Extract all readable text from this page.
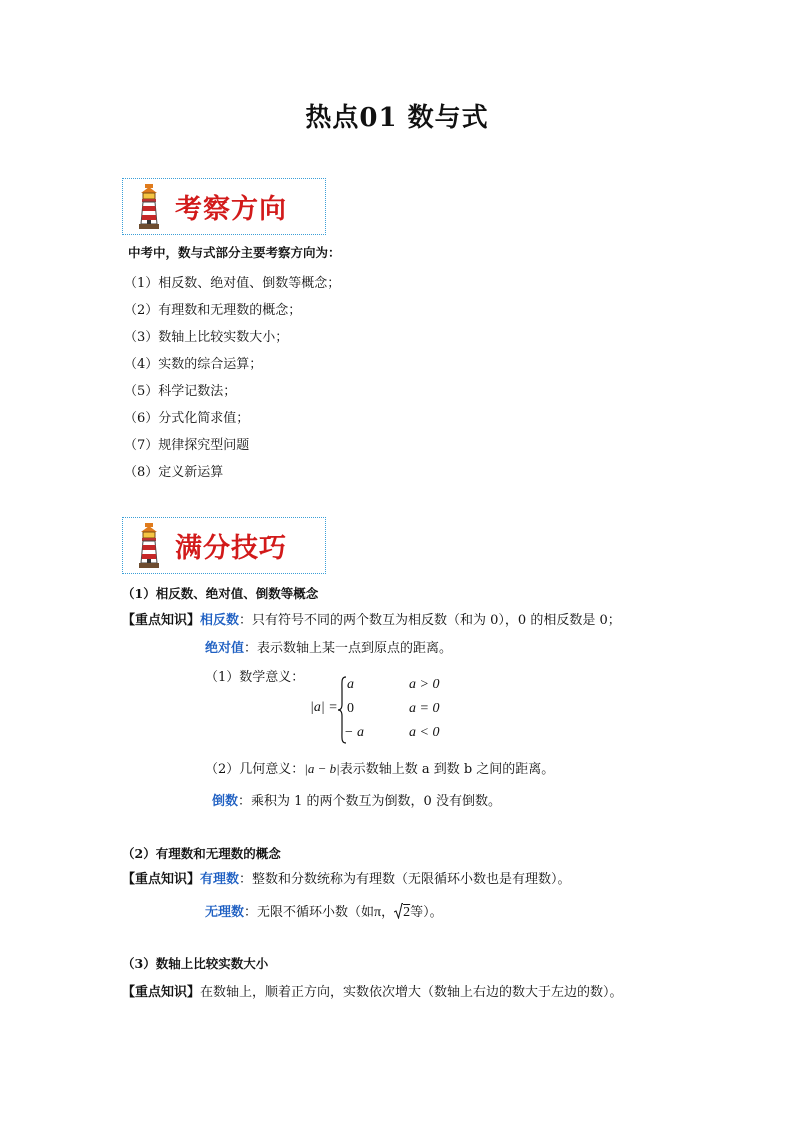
热点01 数与式
考察方向
中考中，数与式部分主要考察方向为：
（1）相反数、绝对值、倒数等概念；
（2）有理数和无理数的概念；
（3）数轴上比较实数大小；
（4）实数的综合运算；
（5）科学记数法；
（6）分式化简求值；
（7）规律探究型问题
（8）定义新运算
满分技巧
（1）相反数、绝对值、倒数等概念
【重点知识】相反数：只有符号不同的两个数互为相反数（和为 0），0 的相反数是 0；
绝对值：表示数轴上某一点到原点的距离。
（1）数学意义：
|a| =
a	a > 0
0	a = 0
− a	a < 0
（2）几何意义：|a − b|表示数轴上数 a 到数 b 之间的距离。
倒数：乘积为 1 的两个数互为倒数，0 没有倒数。
（2）有理数和无理数的概念
【重点知识】有理数：整数和分数统称为有理数（无限循环小数也是有理数）。
无理数：无限不循环小数（如π， 2等）。
（3）数轴上比较实数大小
【重点知识】在数轴上，顺着正方向，实数依次增大（数轴上右边的数大于左边的数）。
